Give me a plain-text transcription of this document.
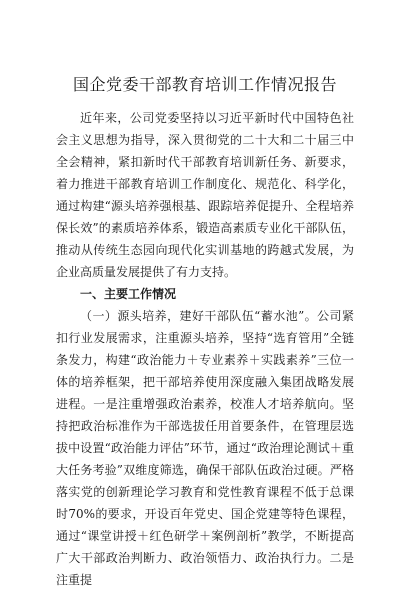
国企党委干部教育培训工作情况报告

近年来，公司党委坚持以习近平新时代中国特色社会主义思想为指导，深入贯彻党的二十大和二十届三中全会精神，紧扣新时代干部教育培训新任务、新要求，着力推进干部教育培训工作制度化、规范化、科学化，通过构建“源头培养强根基、跟踪培养促提升、全程培养保长效”的素质培养体系，锻造高素质专业化干部队伍，推动从传统生态园向现代化实训基地的跨越式发展，为企业高质量发展提供了有力支持。

一、主要工作情况

（一）源头培养，建好干部队伍“蓄水池”。公司紧扣行业发展需求，注重源头培养，坚持“选育管用”全链条发力，构建“政治能力＋专业素养＋实践素养”三位一体的培养框架，把干部培养使用深度融入集团战略发展进程。一是注重增强政治素养，校准人才培养航向。坚持把政治标准作为干部选拔任用首要条件，在管理层选拔中设置“政治能力评估”环节，通过“政治理论测试＋重大任务考验”双维度筛选，确保干部队伍政治过硬。严格落实党的创新理论学习教育和党性教育课程不低于总课时70%的要求，开设百年党史、国企党建等特色课程，通过“课堂讲授＋红色研学＋案例剖析”教学，不断提高广大干部政治判断力、政治领悟力、政治执行力。二是注重提
